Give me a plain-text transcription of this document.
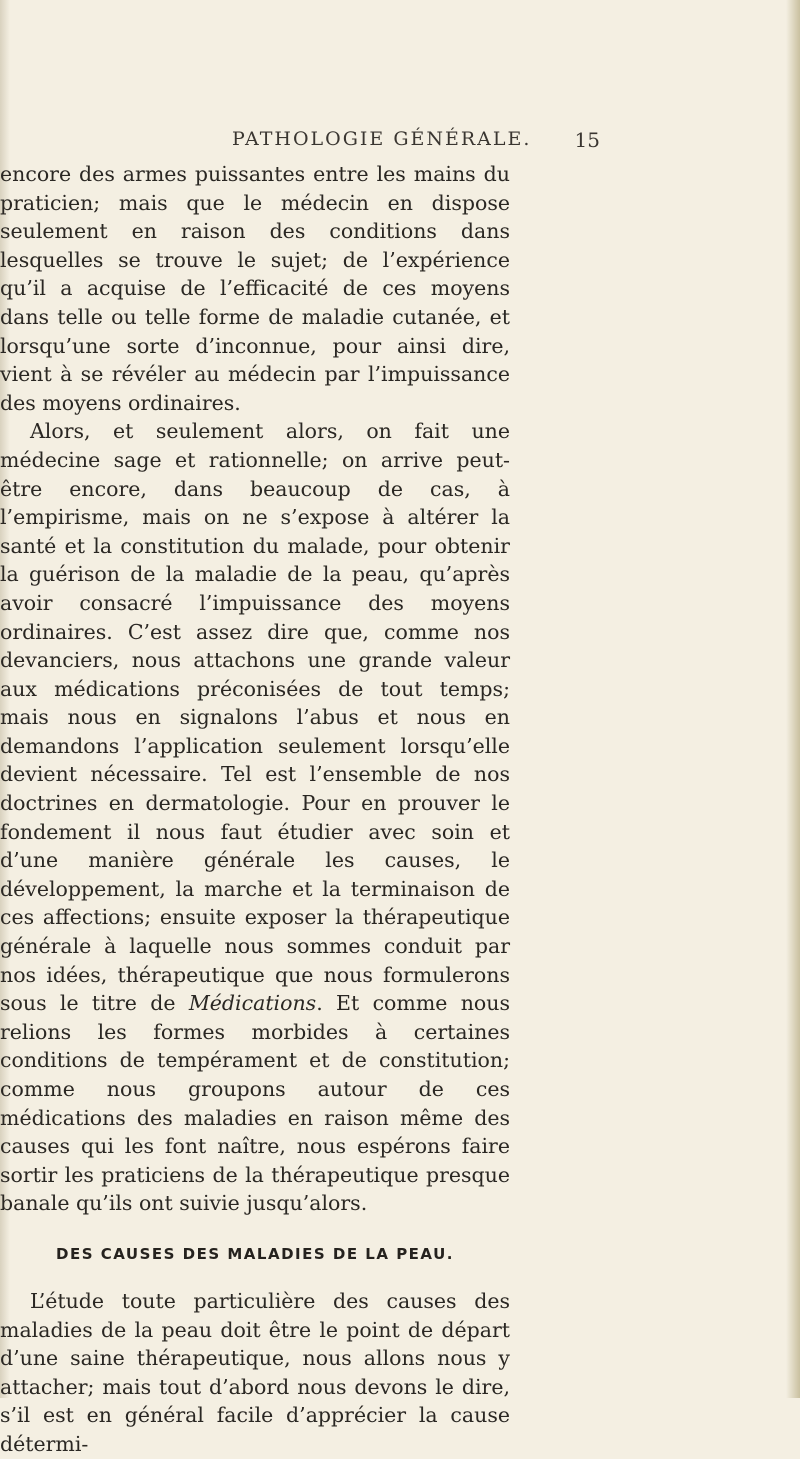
PATHOLOGIE GÉNÉRALE. 15

encore des armes puissantes entre les mains du praticien; mais que le médecin en dispose seulement en raison des conditions dans lesquelles se trouve le sujet; de l’expérience qu’il a acquise de l’efficacité de ces moyens dans telle ou telle forme de maladie cutanée, et lorsqu’une sorte d’inconnue, pour ainsi dire, vient à se révéler au médecin par l’impuissance des moyens ordinaires.

Alors, et seulement alors, on fait une médecine sage et rationnelle; on arrive peut-être encore, dans beaucoup de cas, à l’empirisme, mais on ne s’expose à altérer la santé et la constitution du malade, pour obtenir la guérison de la maladie de la peau, qu’après avoir consacré l’impuissance des moyens ordinaires. C’est assez dire que, comme nos devanciers, nous attachons une grande valeur aux médications préconisées de tout temps; mais nous en signalons l’abus et nous en demandons l’application seulement lorsqu’elle devient nécessaire. Tel est l’ensemble de nos doctrines en dermatologie. Pour en prouver le fondement il nous faut étudier avec soin et d’une manière générale les causes, le développement, la marche et la terminaison de ces affections; ensuite exposer la thérapeutique générale à laquelle nous sommes conduit par nos idées, thérapeutique que nous formulerons sous le titre de Médications. Et comme nous relions les formes morbides à certaines conditions de tempérament et de constitution; comme nous groupons autour de ces médications des maladies en raison même des causes qui les font naître, nous espérons faire sortir les praticiens de la thérapeutique presque banale qu’ils ont suivie jusqu’alors.

DES CAUSES DES MALADIES DE LA PEAU.

L’étude toute particulière des causes des maladies de la peau doit être le point de départ d’une saine thérapeutique, nous allons nous y attacher; mais tout d’abord nous devons le dire, s’il est en général facile d’apprécier la cause détermi-
